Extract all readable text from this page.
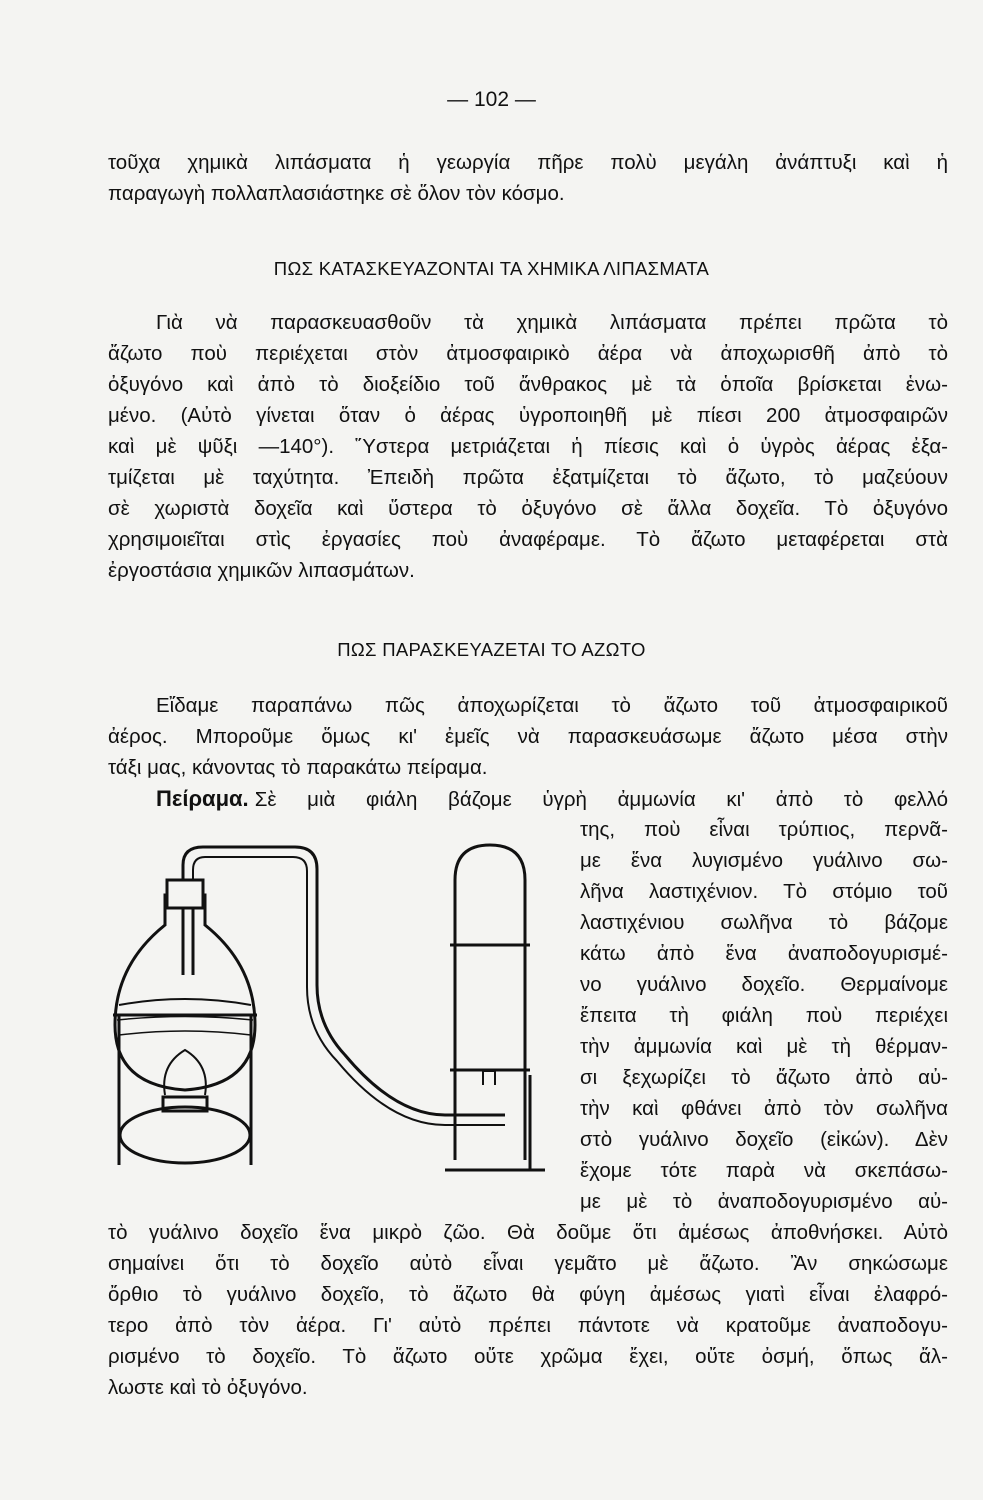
— 102 —
τοῦχα χημικὰ λιπάσματα ἡ γεωργία πῆρε πολὺ μεγάλη ἀνάπτυξι καὶ ἡ
παραγωγὴ πολλαπλασιάστηκε σὲ ὅλον τὸν κόσμο.
ΠΩΣ ΚΑΤΑΣΚΕΥΑΖΟΝΤΑΙ ΤΑ ΧΗΜΙΚΑ ΛΙΠΑΣΜΑΤΑ
Γιὰ νὰ παρασκευασθοῦν τὰ χημικὰ λιπάσματα πρέπει πρῶτα τὸ
ἄζωτο ποὺ περιέχεται στὸν ἀτμοσφαιρικὸ ἀέρα νὰ ἀποχωρισθῆ ἀπὸ τὸ
ὀξυγόνο καὶ ἀπὸ τὸ διοξείδιο τοῦ ἄνθρακος μὲ τὰ ὁποῖα βρίσκεται ἑνω-
μένο. (Αὐτὸ γίνεται ὅταν ὁ ἀέρας ὑγροποιηθῆ μὲ πίεσι 200 ἀτμοσφαιρῶν
καὶ μὲ ψῦξι —140°). Ὕστερα μετριάζεται ἡ πίεσις καὶ ὁ ὑγρὸς ἀέρας ἐξα-
τμίζεται μὲ ταχύτητα. Ἐπειδὴ πρῶτα ἐξατμίζεται τὸ ἄζωτο, τὸ μαζεύουν
σὲ χωριστὰ δοχεῖα καὶ ὕστερα τὸ ὀξυγόνο σὲ ἄλλα δοχεῖα. Τὸ ὀξυγόνο
χρησιμοιεῖται στὶς ἐργασίες ποὺ ἀναφέραμε. Τὸ ἄζωτο μεταφέρεται στὰ
ἐργοστάσια χημικῶν λιπασμάτων.
ΠΩΣ ΠΑΡΑΣΚΕΥΑΖΕΤΑΙ ΤΟ ΑΖΩΤΟ
Εἴδαμε παραπάνω πῶς ἀποχωρίζεται τὸ ἄζωτο τοῦ ἀτμοσφαιρικοῦ
ἀέρος. Μποροῦμε ὅμως κι' ἐμεῖς νὰ παρασκευάσωμε ἄζωτο μέσα στὴν
τάξι μας, κάνοντας τὸ παρακάτω πείραμα.
Πείραμα. Σὲ μιὰ φιάλη βάζομε ὑγρὴ ἀμμωνία κι' ἀπὸ τὸ φελλό
της, ποὺ εἶναι τρύπιος, περνᾶ-
με ἕνα λυγισμένο γυάλινο σω-
λῆνα λαστιχένιον. Τὸ στόμιο τοῦ
λαστιχένιου σωλῆνα τὸ βάζομε
κάτω ἀπὸ ἕνα ἀναποδογυρισμέ-
νο γυάλινο δοχεῖο. Θερμαίνομε
ἔπειτα τὴ φιάλη ποὺ περιέχει
τὴν ἀμμωνία καὶ μὲ τὴ θέρμαν-
σι ξεχωρίζει τὸ ἄζωτο ἀπὸ αὐ-
τὴν καὶ φθάνει ἀπὸ τὸν σωλῆνα
στὸ γυάλινο δοχεῖο (εἰκών). Δὲν
ἔχομε τότε παρὰ νὰ σκεπάσω-
με μὲ τὸ ἀναποδογυρισμένο αὐ-
τὸ γυάλινο δοχεῖο ἕνα μικρὸ ζῶο. Θὰ δοῦμε ὅτι ἀμέσως ἀποθνήσκει. Αὐτὸ
σημαίνει ὅτι τὸ δοχεῖο αὐτὸ εἶναι γεμᾶτο μὲ ἄζωτο. Ἂν σηκώσωμε
ὄρθιο τὸ γυάλινο δοχεῖο, τὸ ἄζωτο θὰ φύγη ἀμέσως γιατὶ εἶναι ἐλαφρό-
τερο ἀπὸ τὸν ἀέρα. Γι' αὐτὸ πρέπει πάντοτε νὰ κρατοῦμε ἀναποδογυ-
ρισμένο τὸ δοχεῖο. Τὸ ἄζωτο οὔτε χρῶμα ἔχει, οὔτε ὀσμή, ὅπως ἄλ-
λωστε καὶ τὸ ὀξυγόνο.
